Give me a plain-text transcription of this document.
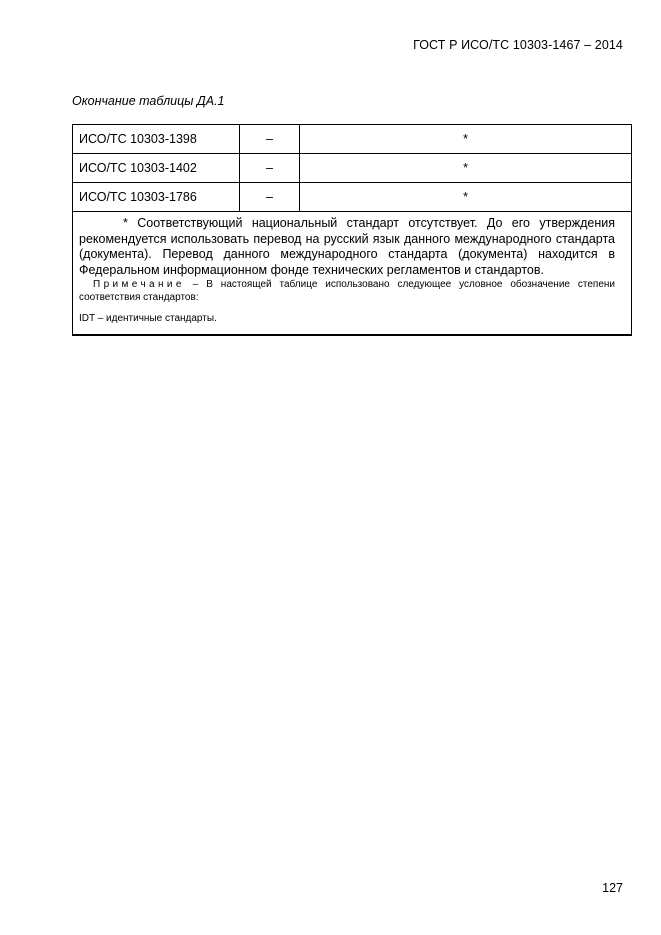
ГОСТ Р ИСО/ТС 10303-1467 – 2014
Окончание таблицы ДА.1
ИСО/ТС 10303-1398	–	*
ИСО/ТС 10303-1402	–	*
ИСО/ТС 10303-1786	–	*

* Соответствующий национальный стандарт отсутствует. До его утверждения рекомендуется использовать перевод на русский язык данного международного стандарта (документа). Перевод данного международного стандарта (документа) находится в Федеральном информационном фонде технических регламентов и стандартов.

Примечание – В настоящей таблице использовано следующее условное обозначение степени соответствия стандартов:

IDT – идентичные стандарты.		

127
